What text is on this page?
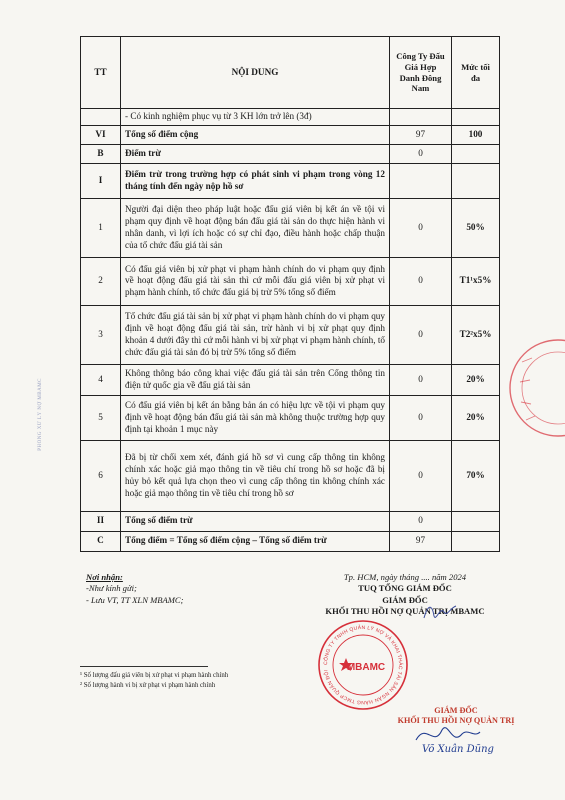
TT	NỘI DUNG	Công Ty Đấu Giá Hợp Danh Đông Nam	Mức tối đa
	- Có kinh nghiệm phục vụ từ 3 KH lớn trở lên (3đ)		
VI	Tổng số điểm cộng	97	100
B	Điểm trừ	0	
I	Điểm trừ trong trường hợp có phát sinh vi phạm trong vòng 12 tháng tính đến ngày nộp hồ sơ		
1	Người đại diện theo pháp luật hoặc đấu giá viên bị kết án về tội vi phạm quy định về hoạt động bán đấu giá tài sản do thực hiện hành vi nhân danh, vì lợi ích hoặc có sự chỉ đạo, điều hành hoặc chấp thuận của tổ chức đấu giá tài sản	0	50%
2	Có đấu giá viên bị xử phạt vi phạm hành chính do vi phạm quy định về hoạt động đấu giá tài sản thì cứ mỗi đấu giá viên bị xử phạt vi phạm hành chính, tổ chức đấu giá bị trừ 5% tổng số điểm	0	T1¹x5%
3	Tổ chức đấu giá tài sản bị xử phạt vi phạm hành chính do vi phạm quy định về hoạt động đấu giá tài sản, trừ hành vi bị xử phạt quy định khoản 4 dưới đây thì cứ mỗi hành vi bị xử phạt vi phạm hành chính, tổ chức đấu giá tài sản đó bị trừ 5% tổng số điểm	0	T2²x5%
4	Không thông báo công khai việc đấu giá tài sản trên Cổng thông tin điện tử quốc gia về đấu giá tài sản	0	20%
5	Có đấu giá viên bị kết án bằng bản án có hiệu lực về tội vi phạm quy định về hoạt động bán đấu giá tài sản mà không thuộc trường hợp quy định tại khoản 1 mục này	0	20%
6	Đã bị từ chối xem xét, đánh giá hồ sơ vì cung cấp thông tin không chính xác hoặc giả mạo thông tin về tiêu chí trong hồ sơ hoặc đã bị hủy bỏ kết quả lựa chọn theo vì cung cấp thông tin không chính xác hoặc giả mạo thông tin về tiêu chí trong hồ sơ	0	70%
II	Tổng số điểm trừ	0	
C	Tổng điểm = Tổng số điểm cộng – Tổng số điểm trừ	97	
Nơi nhận:
-Như kính gửi;
- Lưu VT, TT XLN MBAMC;
Tp. HCM, ngày tháng .... năm 2024
TUQ TỔNG GIÁM ĐỐC
GIÁM ĐỐC
KHỐI THU HỒI NỢ QUẢN TRỊ MBAMC
¹ Số lượng đấu giá viên bị xử phạt vi phạm hành chính
² Số lượng hành vi bị xử phạt vi phạm hành chính
CÔNG TY TNHH QUẢN LÝ NỢ VÀ KHAI THÁC TÀI SẢN NGÂN HÀNG TMCP QUÂN ĐỘI	MBAMC
GIÁM ĐỐC
KHỐI THU HỒI NỢ QUẢN TRỊ
Võ Xuân Dũng
PHÒNG XỬ LÝ NỢ MBAMC
